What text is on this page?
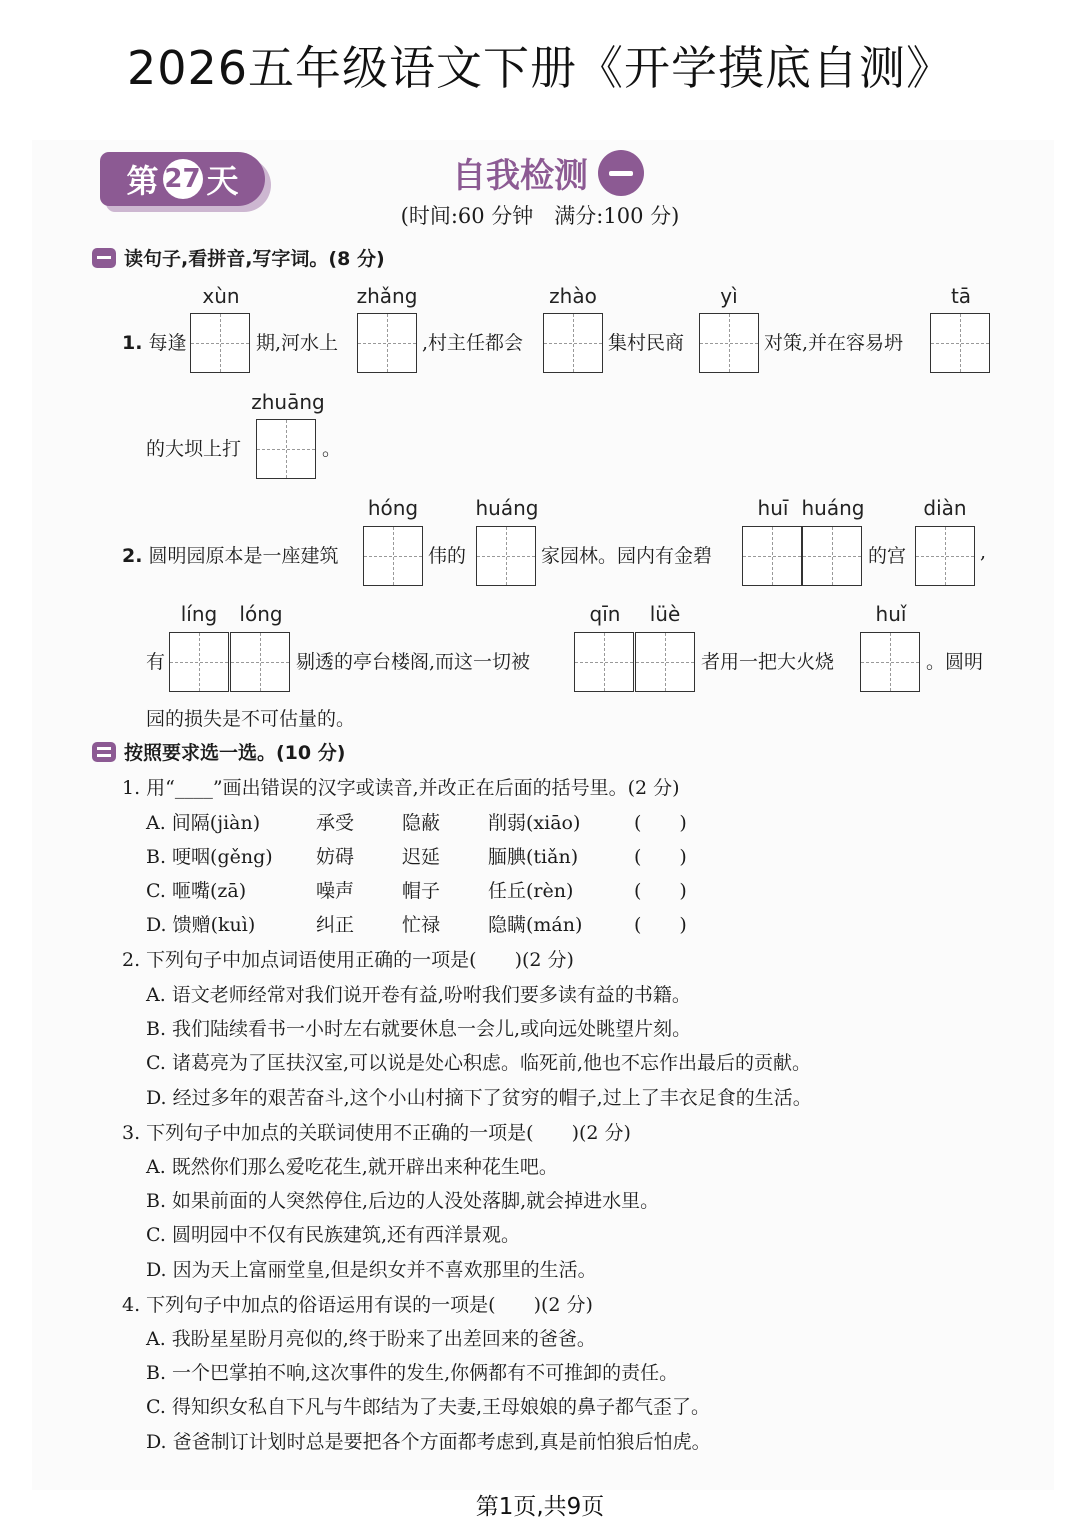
2026五年级语文下册《开学摸底自测》
第 27 天	自我检测
(时间:60 分钟　满分:100 分)
读句子,看拼音,写字词。(8 分)
xùn	zhǎng	zhào	yì	tā
1. 每逢	期,河水上	,村主任都会	集村民商	对策,并在容易坍
zhuāng
的大坝上打	。
hóng	huáng	huī huáng	diàn
2. 圆明园原本是一座建筑	伟的	家园林。园内有金碧	的宫	,
líng	lóng	qīn	lüè	huǐ
有	剔透的亭台楼阁,而这一切被	者用一把大火烧	。圆明
园的损失是不可估量的。
按照要求选一选。(10 分)
1. 用“____”画出错误的汉字或读音,并改正在后面的括号里。(2 分)
A. 间隔(jiàn)	承受	隐蔽	削弱(xiāo)	(　　)
B. 哽咽(gěng) 妨碍	迟延	腼腆(tiǎn)	(　　)
C. 咂嘴(zā)	噪声	帽子	任丘(rèn)	(　　)
D. 馈赠(kuì)	纠正	忙禄	隐瞒(mán)	(　　)
2. 下列句子中加点词语使用正确的一项是(　　)(2 分)
A. 语文老师经常对我们说开卷有益,吩咐我们要多读有益的书籍。
B. 我们陆续看书一小时左右就要休息一会儿,或向远处眺望片刻。
C. 诸葛亮为了匡扶汉室,可以说是处心积虑。临死前,他也不忘作出最后的贡献。
D. 经过多年的艰苦奋斗,这个小山村摘下了贫穷的帽子,过上了丰衣足食的生活。
3. 下列句子中加点的关联词使用不正确的一项是(　　)(2 分)
A. 既然你们那么爱吃花生,就开辟出来种花生吧。
B. 如果前面的人突然停住,后边的人没处落脚,就会掉进水里。
C. 圆明园中不仅有民族建筑,还有西洋景观。
D. 因为天上富丽堂皇,但是织女并不喜欢那里的生活。
4. 下列句子中加点的俗语运用有误的一项是(　　)(2 分)
A. 我盼星星盼月亮似的,终于盼来了出差回来的爸爸。
B. 一个巴掌拍不响,这次事件的发生,你俩都有不可推卸的责任。
C. 得知织女私自下凡与牛郎结为了夫妻,王母娘娘的鼻子都气歪了。
D. 爸爸制订计划时总是要把各个方面都考虑到,真是前怕狼后怕虎。
第1页,共9页
